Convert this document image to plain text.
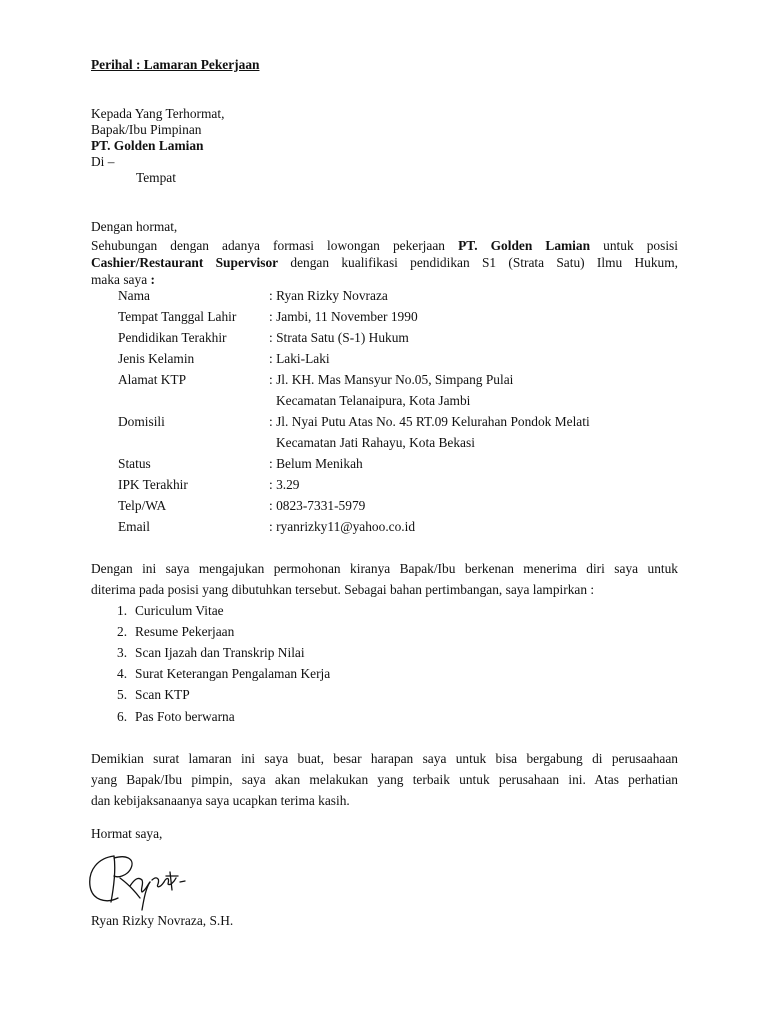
Perihal : Lamaran Pekerjaan
Kepada Yang Terhormat,
Bapak/Ibu Pimpinan
PT. Golden Lamian
Di –
Tempat
Dengan hormat,
Sehubungan dengan adanya formasi lowongan pekerjaan PT. Golden Lamian untuk posisi
Cashier/Restaurant Supervisor dengan kualifikasi pendidikan S1 (Strata Satu) Ilmu Hukum,
maka saya :
Nama	: Ryan Rizky Novraza
Tempat Tanggal Lahir : Jambi, 11 November 1990
Pendidikan Terakhir	: Strata Satu (S-1) Hukum
Jenis Kelamin	: Laki-Laki
Alamat KTP	: Jl. KH. Mas Mansyur No.05, Simpang Pulai
Kecamatan Telanaipura, Kota Jambi
Domisili	: Jl. Nyai Putu Atas No. 45 RT.09 Kelurahan Pondok Melati
Kecamatan Jati Rahayu, Kota Bekasi
Status	: Belum Menikah
IPK Terakhir	: 3.29
Telp/WA	: 0823-7331-5979
Email	: ryanrizky11@yahoo.co.id
Dengan ini saya mengajukan permohonan kiranya Bapak/Ibu berkenan menerima diri saya untuk
diterima pada posisi yang dibutuhkan tersebut. Sebagai bahan pertimbangan, saya lampirkan :
1. Curiculum Vitae
2. Resume Pekerjaan
3. Scan Ijazah dan Transkrip Nilai
4. Surat Keterangan Pengalaman Kerja
5. Scan KTP
6. Pas Foto berwarna
Demikian surat lamaran ini saya buat, besar harapan saya untuk bisa bergabung di perusaahaan
yang Bapak/Ibu pimpin, saya akan melakukan yang terbaik untuk perusahaan ini. Atas perhatian
dan kebijaksanaanya saya ucapkan terima kasih.
Hormat saya,
Ryan Rizky Novraza, S.H.
